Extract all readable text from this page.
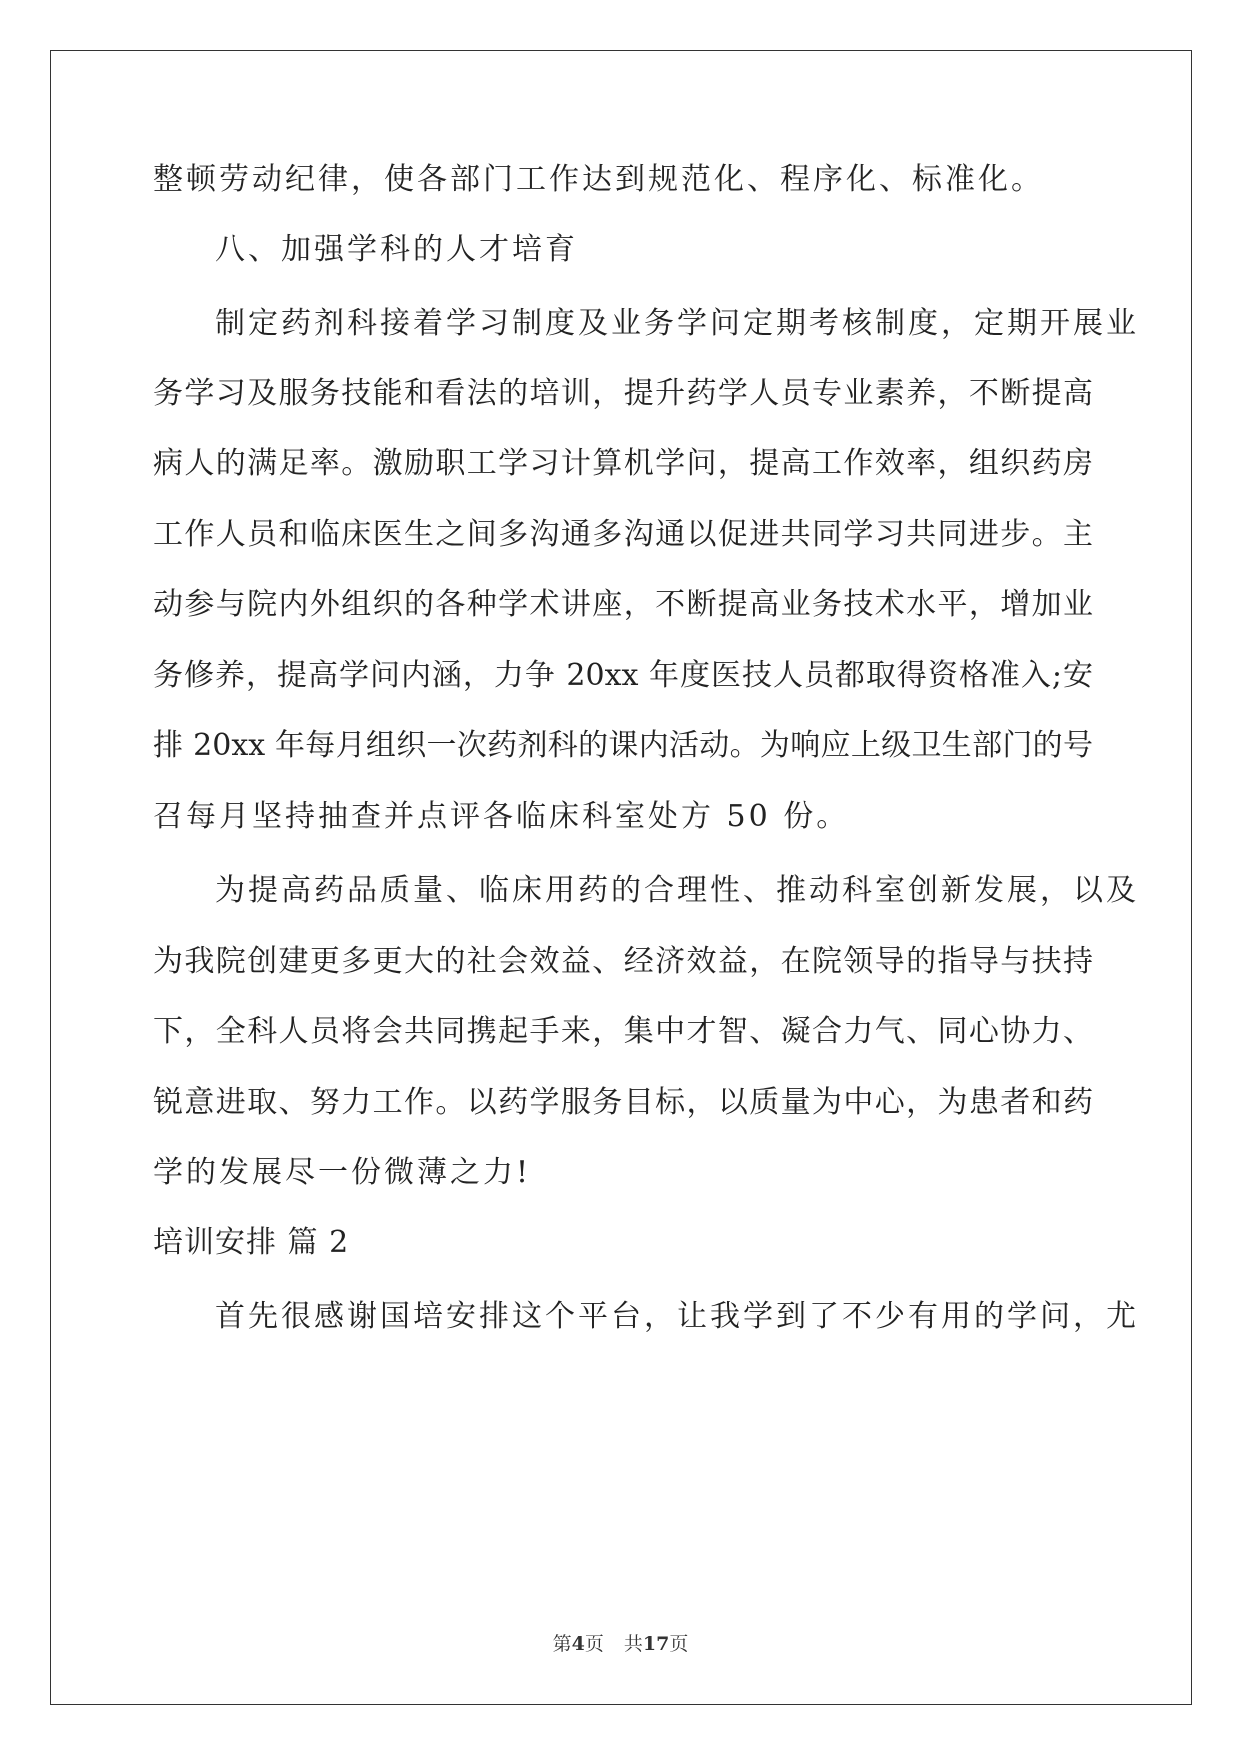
整顿劳动纪律，使各部门工作达到规范化、程序化、标准化。
八、加强学科的人才培育
制定药剂科接着学习制度及业务学问定期考核制度，定期开展业
务学习及服务技能和看法的培训，提升药学人员专业素养，不断提高
病人的满足率。激励职工学习计算机学问，提高工作效率，组织药房
工作人员和临床医生之间多沟通多沟通以促进共同学习共同进步。主
动参与院内外组织的各种学术讲座，不断提高业务技术水平，增加业
务修养，提高学问内涵，力争 20xx 年度医技人员都取得资格准入;安
排 20xx 年每月组织一次药剂科的课内活动。为响应上级卫生部门的号
召每月坚持抽查并点评各临床科室处方 50 份。
为提高药品质量、临床用药的合理性、推动科室创新发展，以及
为我院创建更多更大的社会效益、经济效益，在院领导的指导与扶持
下，全科人员将会共同携起手来，集中才智、凝合力气、同心协力、
锐意进取、努力工作。以药学服务目标，以质量为中心，为患者和药
学的发展尽一份微薄之力!
培训安排 篇 2
首先很感谢国培安排这个平台，让我学到了不少有用的学问，尤
第4页 共17页
